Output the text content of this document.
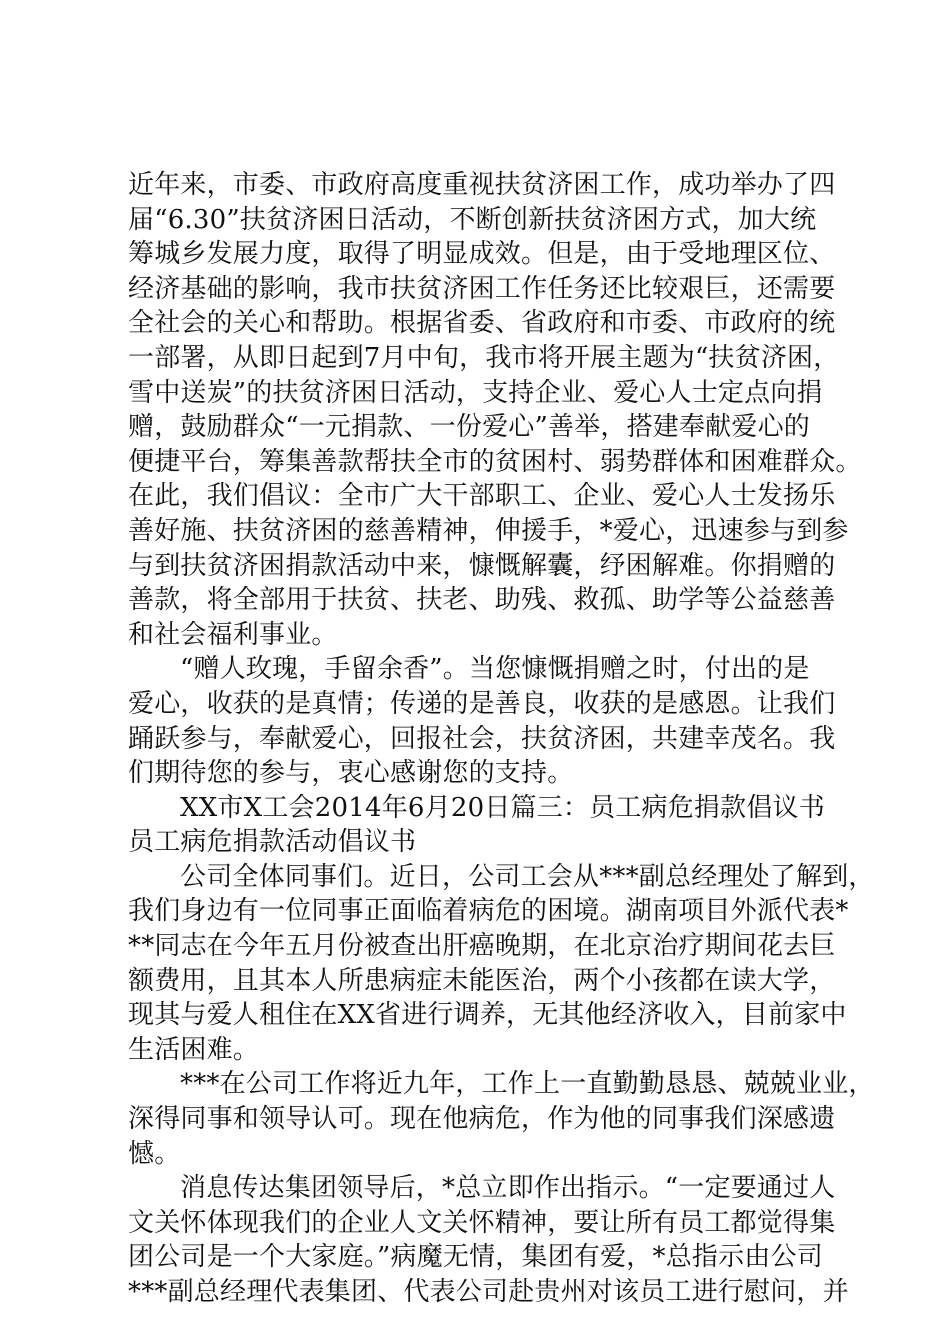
近年来，市委、市政府高度重视扶贫济困工作，成功举办了四
届“6.30”扶贫济困日活动，不断创新扶贫济困方式，加大统
筹城乡发展力度，取得了明显成效。但是，由于受地理区位、
经济基础的影响，我市扶贫济困工作任务还比较艰巨，还需要
全社会的关心和帮助。根据省委、省政府和市委、市政府的统
一部署，从即日起到7月中旬，我市将开展主题为“扶贫济困，
雪中送炭”的扶贫济困日活动，支持企业、爱心人士定点向捐
赠，鼓励群众“一元捐款、一份爱心”善举，搭建奉献爱心的
便捷平台，筹集善款帮扶全市的贫困村、弱势群体和困难群众。
在此，我们倡议：全市广大干部职工、企业、爱心人士发扬乐
善好施、扶贫济困的慈善精神，伸援手，*爱心，迅速参与到参
与到扶贫济困捐款活动中来，慷慨解囊，纾困解难。你捐赠的
善款，将全部用于扶贫、扶老、助残、救孤、助学等公益慈善
和社会福利事业。
“赠人玫瑰，手留余香”。当您慷慨捐赠之时，付出的是
爱心，收获的是真情；传递的是善良，收获的是感恩。让我们
踊跃参与，奉献爱心，回报社会，扶贫济困，共建幸茂名。我
们期待您的参与，衷心感谢您的支持。
XX市X工会2014年6月20日篇三：员工病危捐款倡议书
员工病危捐款活动倡议书
公司全体同事们。近日，公司工会从***副总经理处了解到，
我们身边有一位同事正面临着病危的困境。湖南项目外派代表*
**同志在今年五月份被查出肝癌晚期，在北京治疗期间花去巨
额费用，且其本人所患病症未能医治，两个小孩都在读大学，
现其与爱人租住在XX省进行调养，无其他经济收入，目前家中
生活困难。
***在公司工作将近九年，工作上一直勤勤恳恳、兢兢业业，
深得同事和领导认可。现在他病危，作为他的同事我们深感遗
憾。
消息传达集团领导后，*总立即作出指示。“一定要通过人
文关怀体现我们的企业人文关怀精神，要让所有员工都觉得集
团公司是一个大家庭。”病魔无情，集团有爱，*总指示由公司
***副总经理代表集团、代表公司赴贵州对该员工进行慰问，并
